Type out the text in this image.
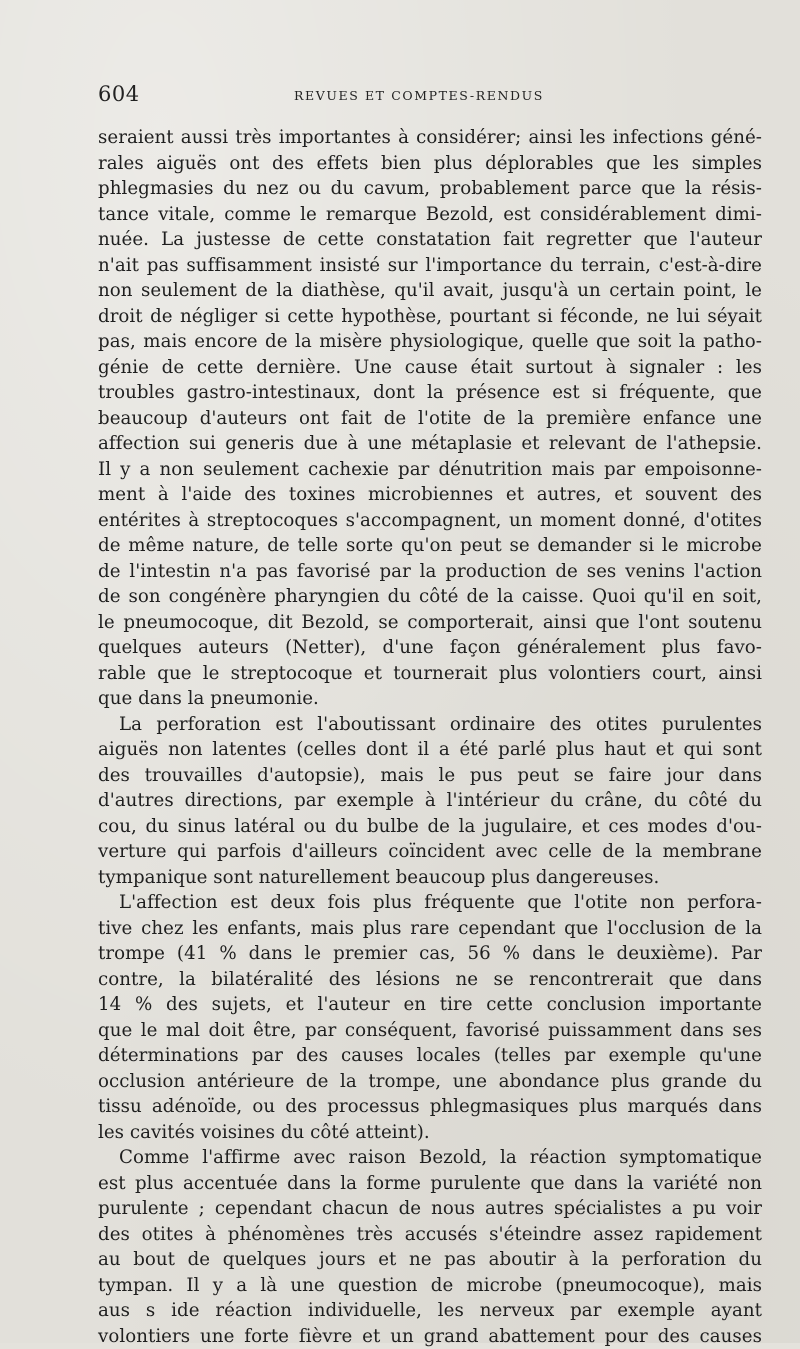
604	REVUES ET COMPTES-RENDUS
seraient aussi très importantes à considérer; ainsi les infections géné-
rales aiguës ont des effets bien plus déplorables que les simples
phlegmasies du nez ou du cavum, probablement parce que la résis-
tance vitale, comme le remarque Bezold, est considérablement dimi-
nuée. La justesse de cette constatation fait regretter que l'auteur
n'ait pas suffisamment insisté sur l'importance du terrain, c'est-à-dire
non seulement de la diathèse, qu'il avait, jusqu'à un certain point, le
droit de négliger si cette hypothèse, pourtant si féconde, ne lui séyait
pas, mais encore de la misère physiologique, quelle que soit la patho-
génie de cette dernière. Une cause était surtout à signaler : les
troubles gastro-intestinaux, dont la présence est si fréquente, que
beaucoup d'auteurs ont fait de l'otite de la première enfance une
affection sui generis due à une métaplasie et relevant de l'athepsie.
Il y a non seulement cachexie par dénutrition mais par empoisonne-
ment à l'aide des toxines microbiennes et autres, et souvent des
entérites à streptocoques s'accompagnent, un moment donné, d'otites
de même nature, de telle sorte qu'on peut se demander si le microbe
de l'intestin n'a pas favorisé par la production de ses venins l'action
de son congénère pharyngien du côté de la caisse. Quoi qu'il en soit,
le pneumocoque, dit Bezold, se comporterait, ainsi que l'ont soutenu
quelques auteurs (Netter), d'une façon généralement plus favo-
rable que le streptocoque et tournerait plus volontiers court, ainsi
que dans la pneumonie.
La perforation est l'aboutissant ordinaire des otites purulentes
aiguës non latentes (celles dont il a été parlé plus haut et qui sont
des trouvailles d'autopsie), mais le pus peut se faire jour dans
d'autres directions, par exemple à l'intérieur du crâne, du côté du
cou, du sinus latéral ou du bulbe de la jugulaire, et ces modes d'ou-
verture qui parfois d'ailleurs coïncident avec celle de la membrane
tympanique sont naturellement beaucoup plus dangereuses.
L'affection est deux fois plus fréquente que l'otite non perfora-
tive chez les enfants, mais plus rare cependant que l'occlusion de la
trompe (41 % dans le premier cas, 56 % dans le deuxième). Par
contre, la bilatéralité des lésions ne se rencontrerait que dans
14 % des sujets, et l'auteur en tire cette conclusion importante
que le mal doit être, par conséquent, favorisé puissamment dans ses
déterminations par des causes locales (telles par exemple qu'une
occlusion antérieure de la trompe, une abondance plus grande du
tissu adénoïde, ou des processus phlegmasiques plus marqués dans
les cavités voisines du côté atteint).
Comme l'affirme avec raison Bezold, la réaction symptomatique
est plus accentuée dans la forme purulente que dans la variété non
purulente ; cependant chacun de nous autres spécialistes a pu voir
des otites à phénomènes très accusés s'éteindre assez rapidement
au bout de quelques jours et ne pas aboutir à la perforation du
tympan. Il y a là une question de microbe (pneumocoque), mais
aus s ide réaction individuelle, les nerveux par exemple ayant
volontiers une forte fièvre et un grand abattement pour des causes
